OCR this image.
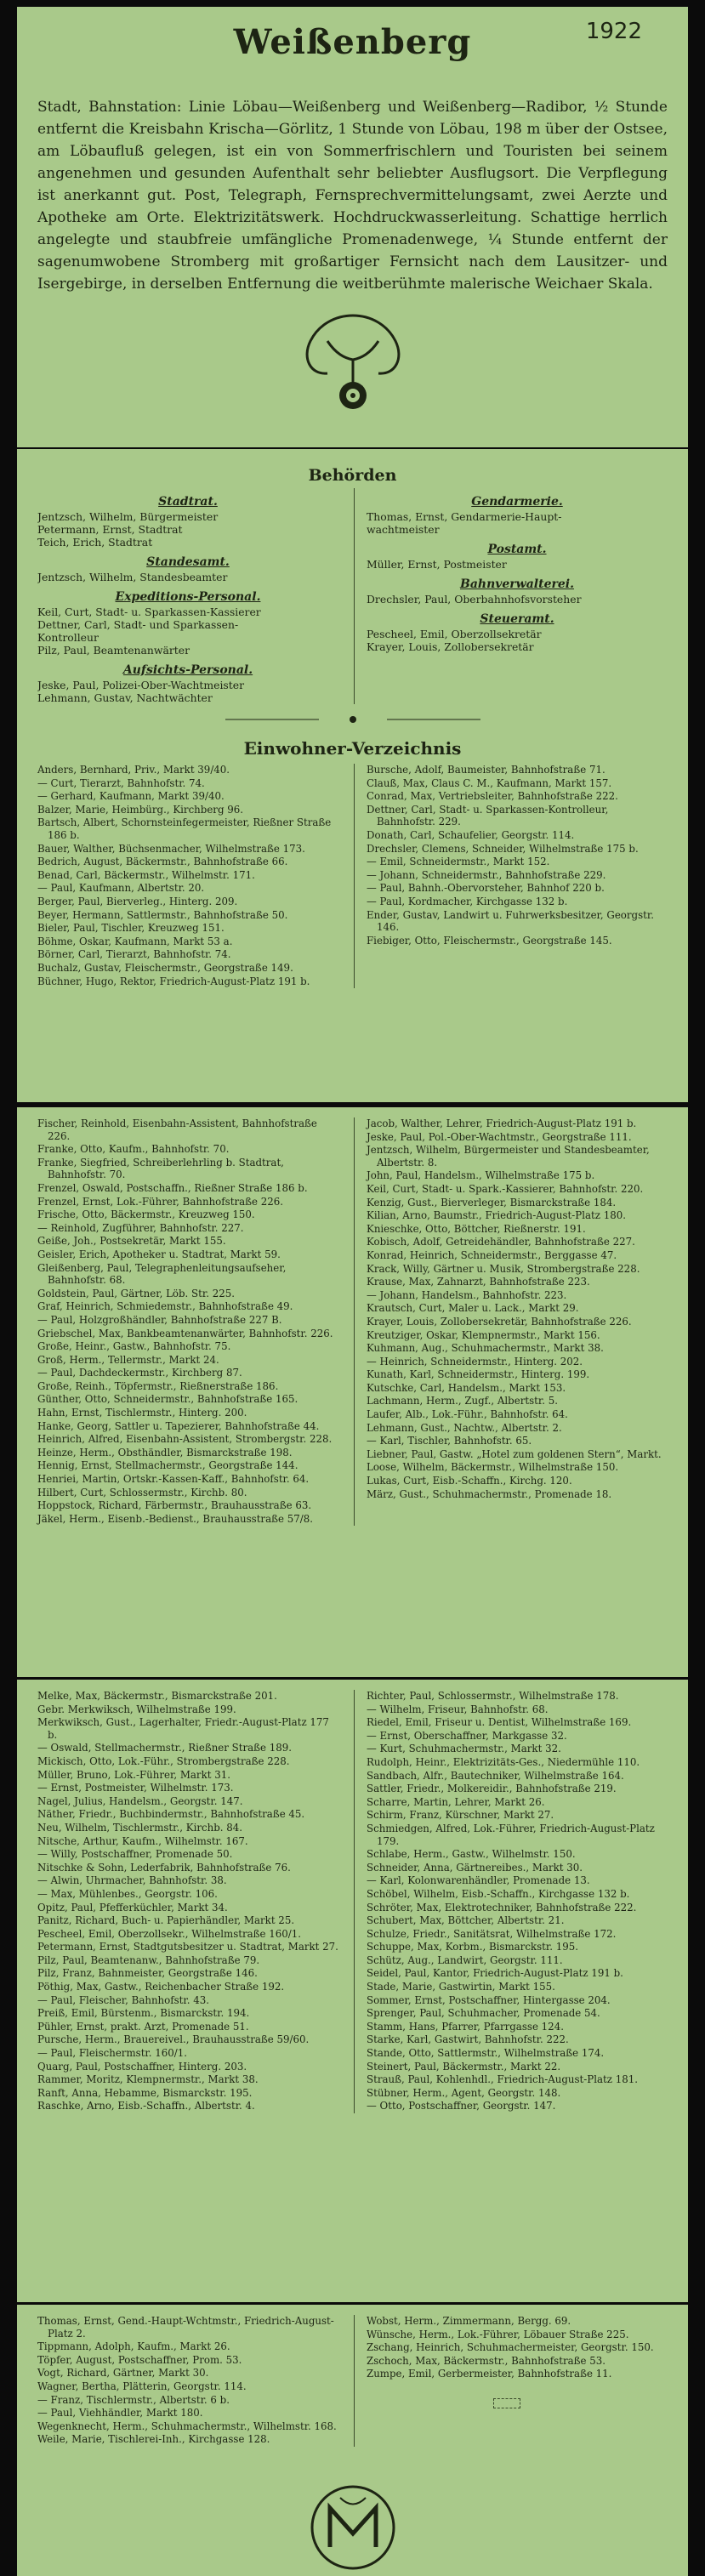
Weißenberg	1922

Stadt, Bahnstation: Linie Löbau—Weißenberg und Weißenberg—Radibor, ½ Stunde entfernt die Kreisbahn Krischa—Görlitz, 1 Stunde von Löbau, 198 m über der Ostsee, am Löbaufluß gelegen, ist ein von Sommerfrischlern und Touristen bei seinem angenehmen und gesunden Aufenthalt sehr beliebter Ausflugsort. Die Verpflegung ist anerkannt gut. Post, Telegraph, Fernsprechvermittelungsamt, zwei Aerzte und Apotheke am Orte. Elektrizitätswerk. Hochdruckwasserleitung. Schattige herrlich angelegte und staubfreie umfängliche Promenadenwege, ¼ Stunde entfernt der sagenumwobene Stromberg mit großartiger Fernsicht nach dem Lausitzer- und Isergebirge, in derselben Entfernung die weitberühmte malerische Weichaer Skala.

Behörden
Stadtrat.
Jentzsch, Wilhelm, Bürgermeister
Petermann, Ernst, Stadtrat
Teich, Erich, Stadtrat
Standesamt.
Jentzsch, Wilhelm, Standesbeamter
Expeditions-Personal.
Keil, Curt, Stadt- u. Sparkassen-Kassierer
Dettner, Carl, Stadt- und Sparkassen-
Kontrolleur
Pilz, Paul, Beamtenanwärter
Aufsichts-Personal.
Jeske, Paul, Polizei-Ober-Wachtmeister
Lehmann, Gustav, Nachtwächter
Gendarmerie.
Thomas, Ernst, Gendarmerie-Haupt-
wachtmeister
Postamt.
Müller, Ernst, Postmeister
Bahnverwalterei.
Drechsler, Paul, Oberbahnhofsvorsteher
Steueramt.
Pescheel, Emil, Oberzollsekretär
Krayer, Louis, Zollobersekretär
Einwohner-Verzeichnis
Anders, Bernhard, Priv., Markt 39/40.
— Curt, Tierarzt, Bahnhofstr. 74.
— Gerhard, Kaufmann, Markt 39/40.
Balzer, Marie, Heimbürg., Kirchberg 96.
Bartsch, Albert, Schornsteinfegermeister, Rießner Straße 186 b.
Bauer, Walther, Büchsenmacher, Wilhelmstraße 173.
Bedrich, August, Bäckermstr., Bahnhofstraße 66.
Benad, Carl, Bäckermstr., Wilhelmstr. 171.
— Paul, Kaufmann, Albertstr. 20.
Berger, Paul, Bierverleg., Hinterg. 209.
Beyer, Hermann, Sattlermstr., Bahnhofstraße 50.
Bieler, Paul, Tischler, Kreuzweg 151.
Böhme, Oskar, Kaufmann, Markt 53 a.
Börner, Carl, Tierarzt, Bahnhofstr. 74.
Buchalz, Gustav, Fleischermstr., Georgstraße 149.
Büchner, Hugo, Rektor, Friedrich-August-Platz 191 b.
Bursche, Adolf, Baumeister, Bahnhofstraße 71.
Clauß, Max, Claus C. M., Kaufmann, Markt 157.
Conrad, Max, Vertriebsleiter, Bahnhofstraße 222.
Dettner, Carl, Stadt- u. Sparkassen-Kontrolleur, Bahnhofstr. 229.
Donath, Carl, Schaufelier, Georgstr. 114.
Drechsler, Clemens, Schneider, Wilhelmstraße 175 b.
— Emil, Schneidermstr., Markt 152.
— Johann, Schneidermstr., Bahnhofstraße 229.
— Paul, Bahnh.-Obervorsteher, Bahnhof 220 b.
— Paul, Kordmacher, Kirchgasse 132 b.
Ender, Gustav, Landwirt u. Fuhrwerksbesitzer, Georgstr. 146.
Fiebiger, Otto, Fleischermstr., Georgstraße 145.
Fischer, Reinhold, Eisenbahn-Assistent, Bahnhofstraße 226.
Franke, Otto, Kaufm., Bahnhofstr. 70.
Franke, Siegfried, Schreiberlehrling b. Stadtrat, Bahnhofstr. 70.
Frenzel, Oswald, Postschaffn., Rießner Straße 186 b.
Frenzel, Ernst, Lok.-Führer, Bahnhofstraße 226.
Frische, Otto, Bäckermstr., Kreuzweg 150.
— Reinhold, Zugführer, Bahnhofstr. 227.
Geiße, Joh., Postsekretär, Markt 155.
Geisler, Erich, Apotheker u. Stadtrat, Markt 59.
Gleißenberg, Paul, Telegraphenleitungsaufseher, Bahnhofstr. 68.
Goldstein, Paul, Gärtner, Löb. Str. 225.
Graf, Heinrich, Schmiedemstr., Bahnhofstraße 49.
— Paul, Holzgroßhändler, Bahnhofstraße 227 B.
Griebschel, Max, Bankbeamtenanwärter, Bahnhofstr. 226.
Große, Heinr., Gastw., Bahnhofstr. 75.
Groß, Herm., Tellermstr., Markt 24.
— Paul, Dachdeckermstr., Kirchberg 87.
Große, Reinh., Töpfermstr., Rießnerstraße 186.
Günther, Otto, Schneidermstr., Bahnhofstraße 165.
Hahn, Ernst, Tischlermstr., Hinterg. 200.
Hanke, Georg, Sattler u. Tapezierer, Bahnhofstraße 44.
Heinrich, Alfred, Eisenbahn-Assistent, Strombergstr. 228.
Heinze, Herm., Obsthändler, Bismarckstraße 198.
Hennig, Ernst, Stellmachermstr., Georgstraße 144.
Henriei, Martin, Ortskr.-Kassen-Kaff., Bahnhofstr. 64.
Hilbert, Curt, Schlossermstr., Kirchb. 80.
Hoppstock, Richard, Färbermstr., Brauhausstraße 63.
Jäkel, Herm., Eisenb.-Bedienst., Brauhausstraße 57/8.
Jacob, Walther, Lehrer, Friedrich-August-Platz 191 b.
Jeske, Paul, Pol.-Ober-Wachtmstr., Georgstraße 111.
Jentzsch, Wilhelm, Bürgermeister und Standesbeamter, Albertstr. 8.
John, Paul, Handelsm., Wilhelmstraße 175 b.
Keil, Curt, Stadt- u. Spark.-Kassierer, Bahnhofstr. 220.
Kenzig, Gust., Bierverleger, Bismarckstraße 184.
Kilian, Arno, Baumstr., Friedrich-August-Platz 180.
Knieschke, Otto, Böttcher, Rießnerstr. 191.
Kobisch, Adolf, Getreidehändler, Bahnhofstraße 227.
Konrad, Heinrich, Schneidermstr., Berggasse 47.
Krack, Willy, Gärtner u. Musik, Strombergstraße 228.
Krause, Max, Zahnarzt, Bahnhofstraße 223.
— Johann, Handelsm., Bahnhofstr. 223.
Krautsch, Curt, Maler u. Lack., Markt 29.
Krayer, Louis, Zollobersekretär, Bahnhofstraße 226.
Kreutziger, Oskar, Klempnermstr., Markt 156.
Kuhmann, Aug., Schuhmachermstr., Markt 38.
— Heinrich, Schneidermstr., Hinterg. 202.
Kunath, Karl, Schneidermstr., Hinterg. 199.
Kutschke, Carl, Handelsm., Markt 153.
Lachmann, Herm., Zugf., Albertstr. 5.
Laufer, Alb., Lok.-Führ., Bahnhofstr. 64.
Lehmann, Gust., Nachtw., Albertstr. 2.
— Karl, Tischler, Bahnhofstr. 65.
Liebner, Paul, Gastw. „Hotel zum goldenen Stern“, Markt.
Loose, Wilhelm, Bäckermstr., Wilhelmstraße 150.
Lukas, Curt, Eisb.-Schaffn., Kirchg. 120.
März, Gust., Schuhmachermstr., Promenade 18.
Melke, Max, Bäckermstr., Bismarckstraße 201.
Gebr. Merkwiksch, Wilhelmstraße 199.
Merkwiksch, Gust., Lagerhalter, Friedr.-August-Platz 177 b.
— Oswald, Stellmachermstr., Rießner Straße 189.
Mickisch, Otto, Lok.-Führ., Strombergstraße 228.
Müller, Bruno, Lok.-Führer, Markt 31.
— Ernst, Postmeister, Wilhelmstr. 173.
Nagel, Julius, Handelsm., Georgstr. 147.
Näther, Friedr., Buchbindermstr., Bahnhofstraße 45.
Neu, Wilhelm, Tischlermstr., Kirchb. 84.
Nitsche, Arthur, Kaufm., Wilhelmstr. 167.
— Willy, Postschaffner, Promenade 50.
Nitschke & Sohn, Lederfabrik, Bahnhofstraße 76.
— Alwin, Uhrmacher, Bahnhofstr. 38.
— Max, Mühlenbes., Georgstr. 106.
Opitz, Paul, Pfefferküchler, Markt 34.
Panitz, Richard, Buch- u. Papierhändler, Markt 25.
Pescheel, Emil, Oberzollsekr., Wilhelmstraße 160/1.
Petermann, Ernst, Stadtgutsbesitzer u. Stadtrat, Markt 27.
Pilz, Paul, Beamtenanw., Bahnhofstraße 79.
Pilz, Franz, Bahnmeister, Georgstraße 146.
Pöthig, Max, Gastw., Reichenbacher Straße 192.
— Paul, Fleischer, Bahnhofstr. 43.
Preiß, Emil, Bürstenm., Bismarckstr. 194.
Pühler, Ernst, prakt. Arzt, Promenade 51.
Pursche, Herm., Brauereivel., Brauhausstraße 59/60.
— Paul, Fleischermstr. 160/1.
Quarg, Paul, Postschaffner, Hinterg. 203.
Rammer, Moritz, Klempnermstr., Markt 38.
Ranft, Anna, Hebamme, Bismarckstr. 195.
Raschke, Arno, Eisb.-Schaffn., Albertstr. 4.
Richter, Paul, Schlossermstr., Wilhelmstraße 178.
— Wilhelm, Friseur, Bahnhofstr. 68.
Riedel, Emil, Friseur u. Dentist, Wilhelmstraße 169.
— Ernst, Oberschaffner, Markgasse 32.
— Kurt, Schuhmachermstr., Markt 32.
Rudolph, Heinr., Elektrizitäts-Ges., Niedermühle 110.
Sandbach, Alfr., Bautechniker, Wilhelmstraße 164.
Sattler, Friedr., Molkereidir., Bahnhofstraße 219.
Scharre, Martin, Lehrer, Markt 26.
Schirm, Franz, Kürschner, Markt 27.
Schmiedgen, Alfred, Lok.-Führer, Friedrich-August-Platz 179.
Schlabe, Herm., Gastw., Wilhelmstr. 150.
Schneider, Anna, Gärtnereibes., Markt 30.
— Karl, Kolonwarenhändler, Promenade 13.
Schöbel, Wilhelm, Eisb.-Schaffn., Kirchgasse 132 b.
Schröter, Max, Elektrotechniker, Bahnhofstraße 222.
Schubert, Max, Böttcher, Albertstr. 21.
Schulze, Friedr., Sanitätsrat, Wilhelmstraße 172.
Schuppe, Max, Korbm., Bismarckstr. 195.
Schütz, Aug., Landwirt, Georgstr. 111.
Seidel, Paul, Kantor, Friedrich-August-Platz 191 b.
Stade, Marie, Gastwirtin, Markt 155.
Sommer, Ernst, Postschaffner, Hintergasse 204.
Sprenger, Paul, Schuhmacher, Promenade 54.
Stamm, Hans, Pfarrer, Pfarrgasse 124.
Starke, Karl, Gastwirt, Bahnhofstr. 222.
Stande, Otto, Sattlermstr., Wilhelmstraße 174.
Steinert, Paul, Bäckermstr., Markt 22.
Strauß, Paul, Kohlenhdl., Friedrich-August-Platz 181.
Stübner, Herm., Agent, Georgstr. 148.
— Otto, Postschaffner, Georgstr. 147.
Thomas, Ernst, Gend.-Haupt-Wchtmstr., Friedrich-August-Platz 2.
Tippmann, Adolph, Kaufm., Markt 26.
Töpfer, August, Postschaffner, Prom. 53.
Vogt, Richard, Gärtner, Markt 30.
Wagner, Bertha, Plätterin, Georgstr. 114.
— Franz, Tischlermstr., Albertstr. 6 b.
— Paul, Viehhändler, Markt 180.
Wegenknecht, Herm., Schuhmachermstr., Wilhelmstr. 168.
Weile, Marie, Tischlerei-Inh., Kirchgasse 128.
Wobst, Herm., Zimmermann, Bergg. 69.
Wünsche, Herm., Lok.-Führer, Löbauer Straße 225.
Zschang, Heinrich, Schuhmachermeister, Georgstr. 150.
Zschoch, Max, Bäckermstr., Bahnhofstraße 53.
Zumpe, Emil, Gerbermeister, Bahnhofstraße 11.
